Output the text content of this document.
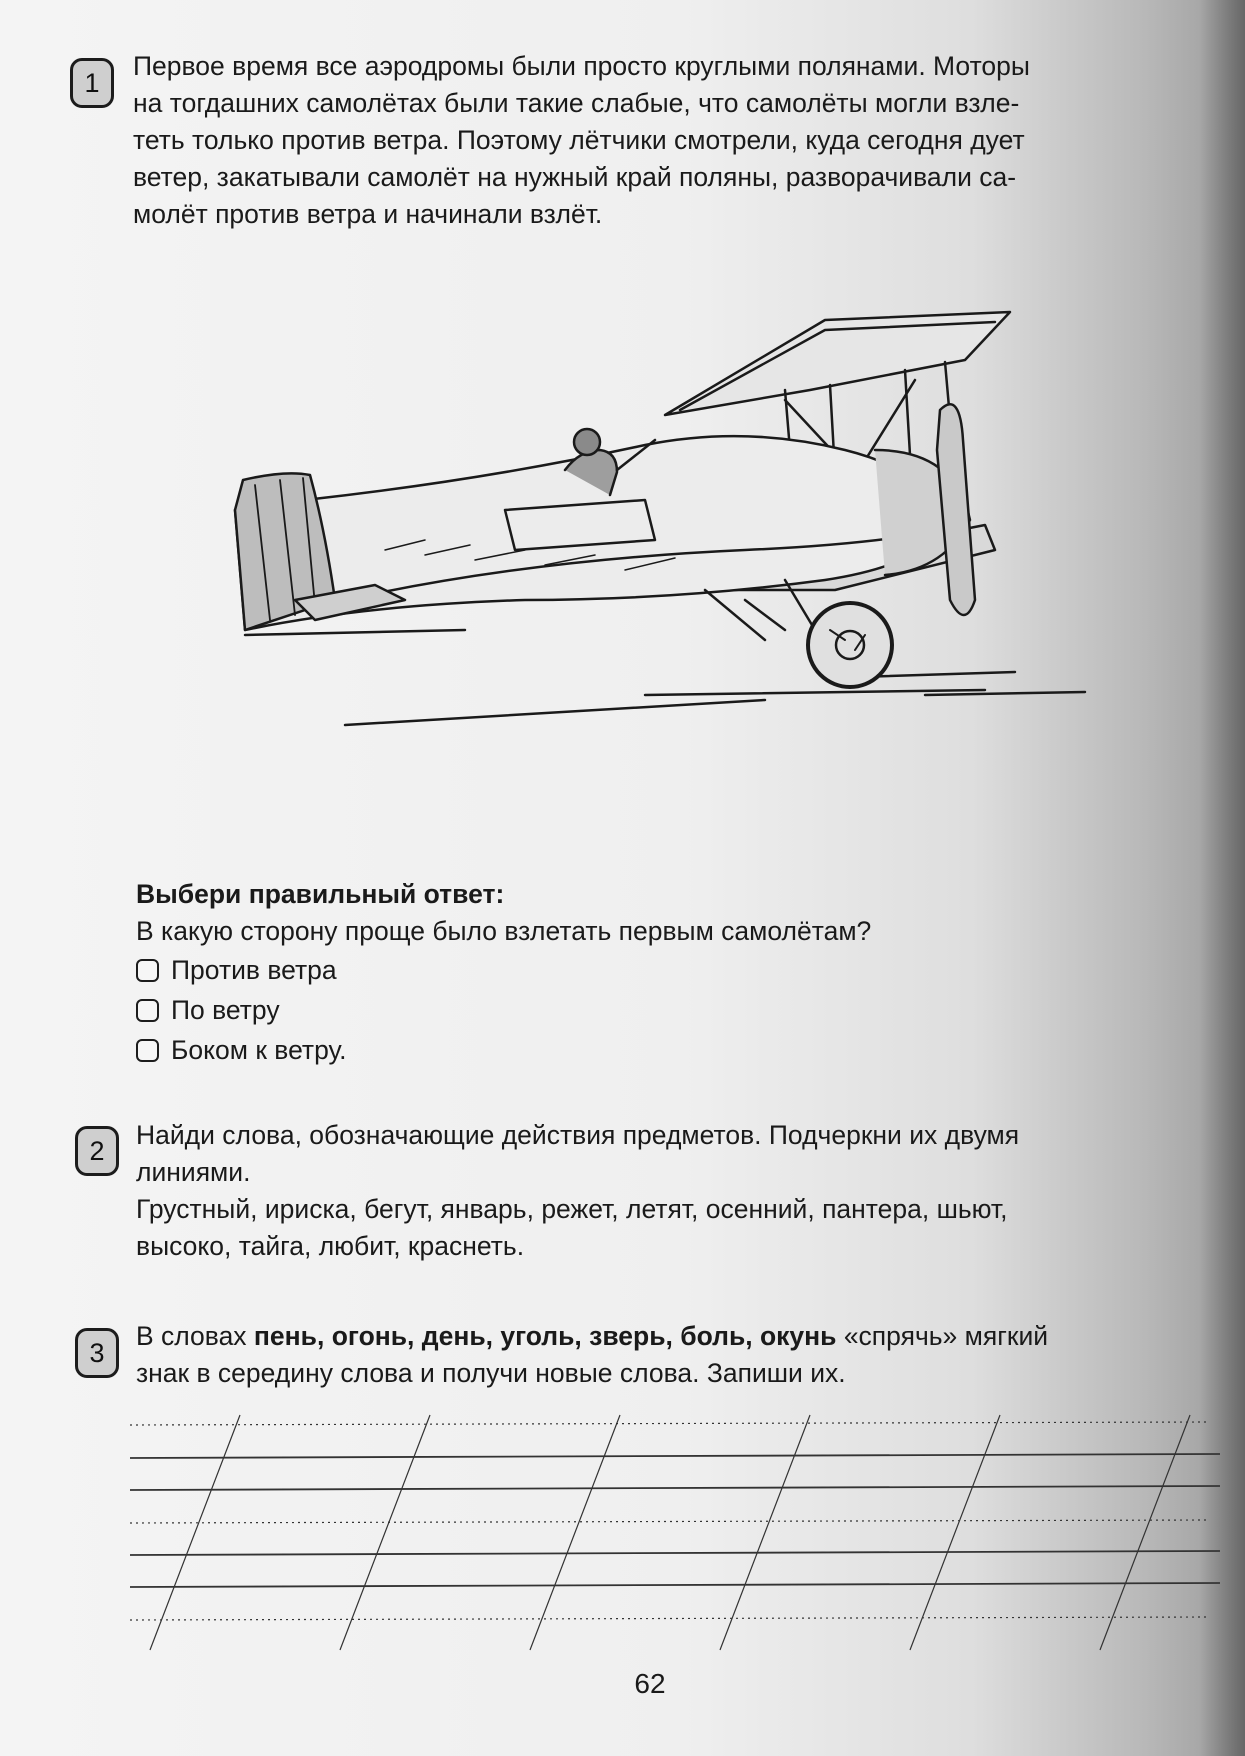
1

Первое время все аэродромы были просто круглыми полянами. Моторы

на тогдашних самолётах были такие слабые, что самолёты могли взле-

теть только против ветра. Поэтому лётчики смотрели, куда сегодня дует

ветер, закатывали самолёт на нужный край поляны, разворачивали са-

молёт против ветра и начинали взлёт.

Выбери правильный ответ:

В какую сторону проще было взлетать первым самолётам?

Против ветра
По ветру
Боком к ветру.
2

Найди слова, обозначающие действия предметов. Подчеркни их двумя

линиями.

Грустный, ириска, бегут, январь, режет, летят, осенний, пантера, шьют,

высоко, тайга, любит, краснеть.

3

В словах пень, огонь, день, уголь, зверь, боль, окунь «спрячь» мягкий

знак в середину слова и получи новые слова. Запиши их.

62
